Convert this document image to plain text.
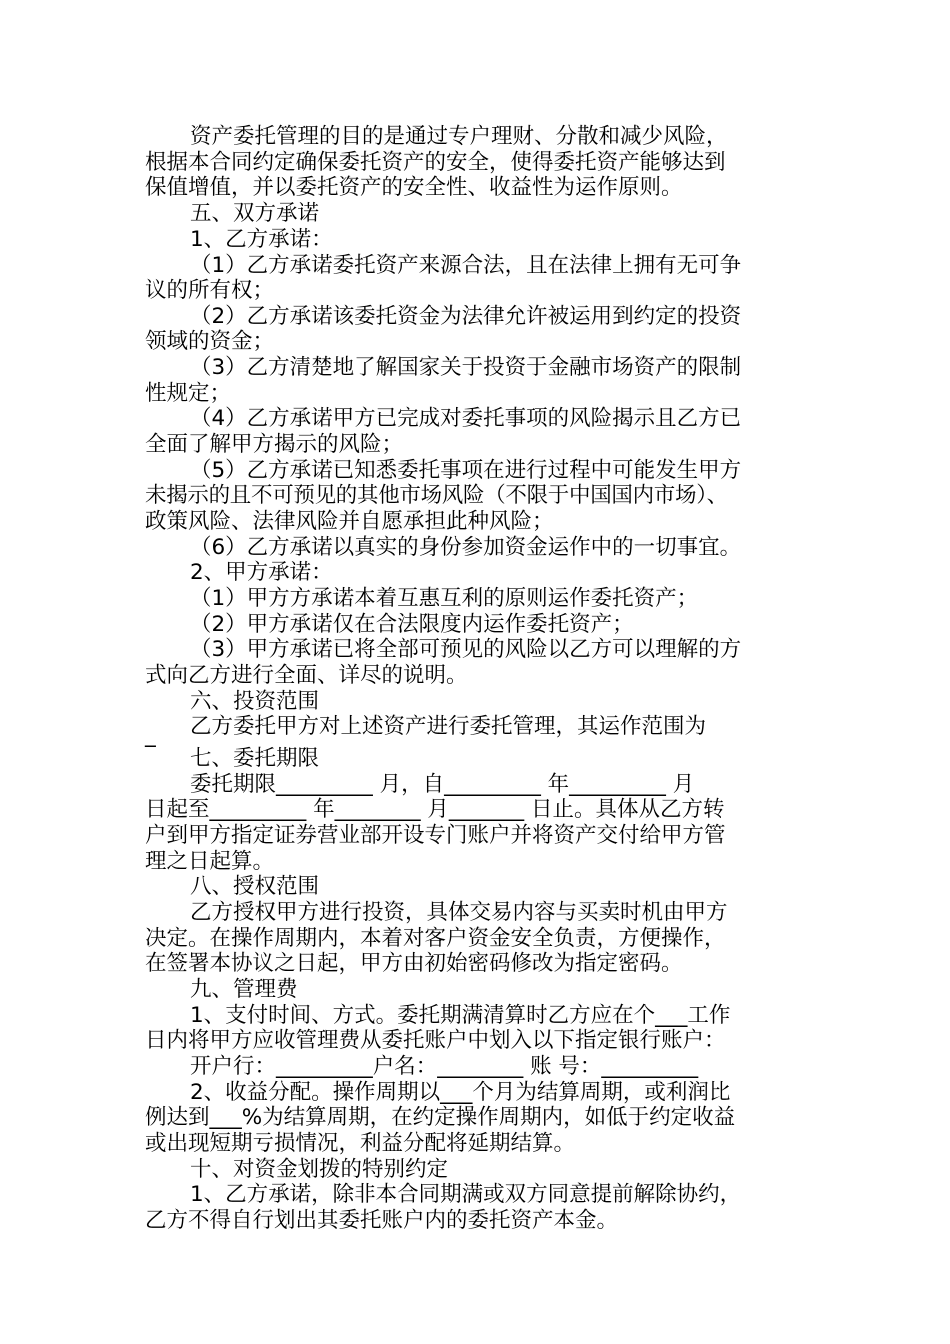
资产委托管理的目的是通过专户理财、分散和减少风险，
根据本合同约定确保委托资产的安全，使得委托资产能够达到
保值增值，并以委托资产的安全性、收益性为运作原则。
五、双方承诺
1、乙方承诺：
（1）乙方承诺委托资产来源合法，且在法律上拥有无可争
议的所有权；
（2）乙方承诺该委托资金为法律允许被运用到约定的投资
领域的资金；
（3）乙方清楚地了解国家关于投资于金融市场资产的限制
性规定；
（4）乙方承诺甲方已完成对委托事项的风险揭示且乙方已
全面了解甲方揭示的风险；
（5）乙方承诺已知悉委托事项在进行过程中可能发生甲方
未揭示的且不可预见的其他市场风险（不限于中国国内市场）、
政策风险、法律风险并自愿承担此种风险；
（6）乙方承诺以真实的身份参加资金运作中的一切事宜。
2、甲方承诺：
（1）甲方方承诺本着互惠互利的原则运作委托资产；
（2）甲方承诺仅在合法限度内运作委托资产；
（3）甲方承诺已将全部可预见的风险以乙方可以理解的方
式向乙方进行全面、详尽的说明。
六、投资范围
乙方委托甲方对上述资产进行委托管理，其运作范围为
_
七、委托期限
委托期限_________ 月，自_________ 年_________ 月
日起至_________ 年________ 月_______ 日止。具体从乙方转
户到甲方指定证券营业部开设专门账户并将资产交付给甲方管
理之日起算。
八、授权范围
乙方授权甲方进行投资，具体交易内容与买卖时机由甲方
决定。在操作周期内，本着对客户资金安全负责，方便操作，
在签署本协议之日起，甲方由初始密码修改为指定密码。
九、管理费
1、支付时间、方式。委托期满清算时乙方应在个___工作
日内将甲方应收管理费从委托账户中划入以下指定银行账户：
开户行：_________户名：________ 账 号：_________
2、收益分配。操作周期以___个月为结算周期，或利润比
例达到___%为结算周期，在约定操作周期内，如低于约定收益
或出现短期亏损情况，利益分配将延期结算。
十、对资金划拨的特别约定
1、乙方承诺，除非本合同期满或双方同意提前解除协约，
乙方不得自行划出其委托账户内的委托资产本金。
